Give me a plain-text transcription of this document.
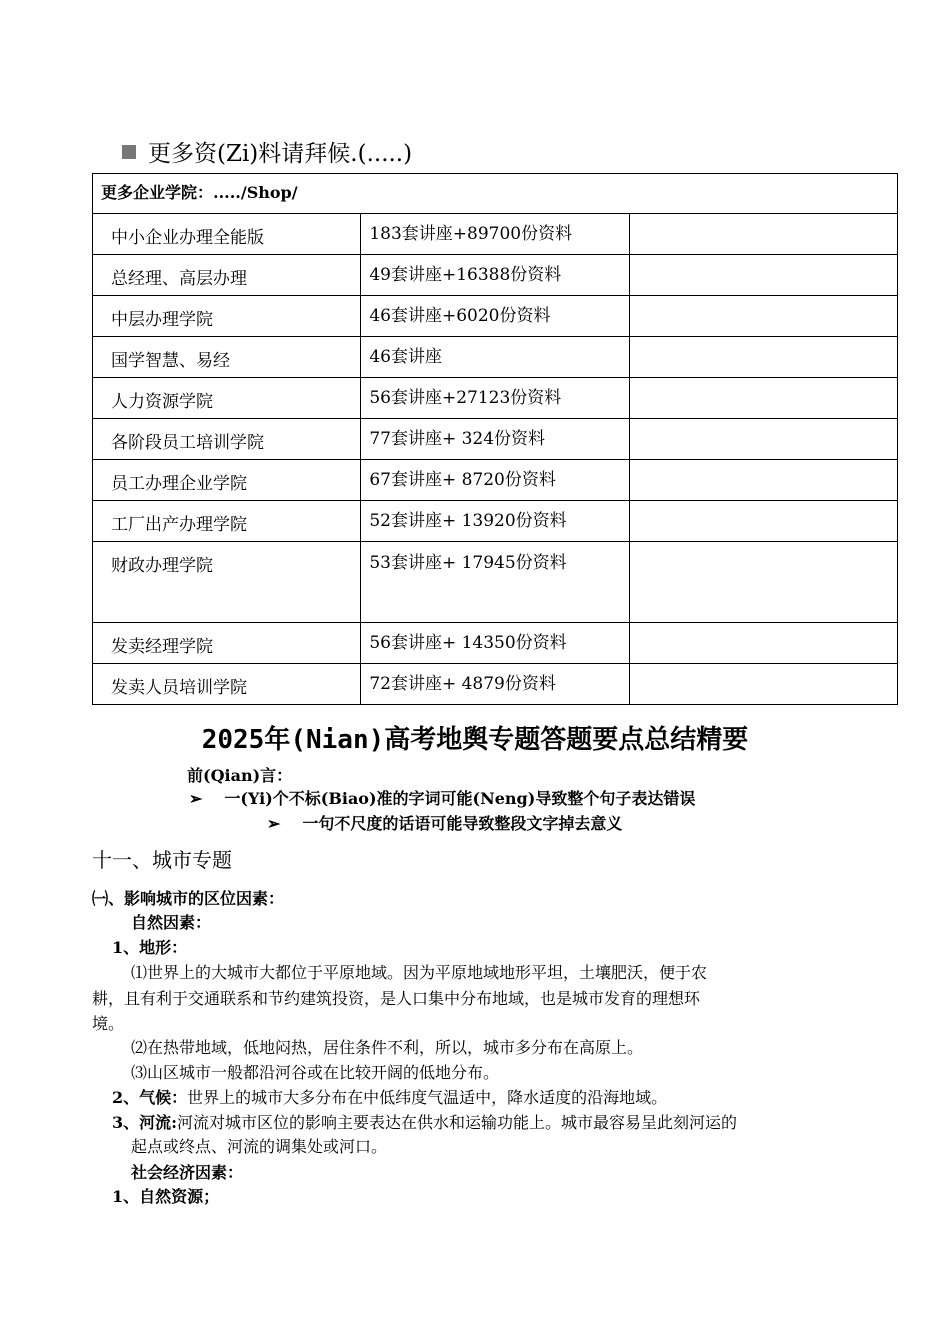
更多资(Zi)料请拜候.(.....)
更多企业学院：...../Shop/		
中小企业办理全能版	183套讲座+89700份资料	
总经理、高层办理	49套讲座+16388份资料	
中层办理学院	46套讲座+6020份资料	
国学智慧、易经	46套讲座	
人力资源学院	56套讲座+27123份资料	
各阶段员工培训学院	77套讲座+ 324份资料	
员工办理企业学院	67套讲座+ 8720份资料	
工厂出产办理学院	52套讲座+ 13920份资料	
财政办理学院	53套讲座+ 17945份资料	
发卖经理学院	56套讲座+ 14350份资料	
发卖人员培训学院	72套讲座+ 4879份资料	
2025年(Nian)高考地舆专题答题要点总结精要
前(Qian)言：
➢ 一(Yi)个不标(Biao)准的字词可能(Neng)导致整个句子表达错误
➢ 一句不尺度的话语可能导致整段文字掉去意义
十一、城市专题
㈠、影响城市的区位因素：
自然因素：
1、地形：
⑴世界上的大城市大都位于平原地域。因为平原地域地形平坦，土壤肥沃，便于农
耕，且有利于交通联系和节约建筑投资，是人口集中分布地域，也是城市发育的理想环
境。
⑵在热带地域，低地闷热，居住条件不利，所以，城市多分布在高原上。
⑶山区城市一般都沿河谷或在比较开阔的低地分布。
2、气候：世界上的城市大多分布在中低纬度气温适中，降水适度的沿海地域。
3、河流:河流对城市区位的影响主要表达在供水和运输功能上。城市最容易呈此刻河运的
起点或终点、河流的调集处或河口。
社会经济因素：
1、自然资源；
